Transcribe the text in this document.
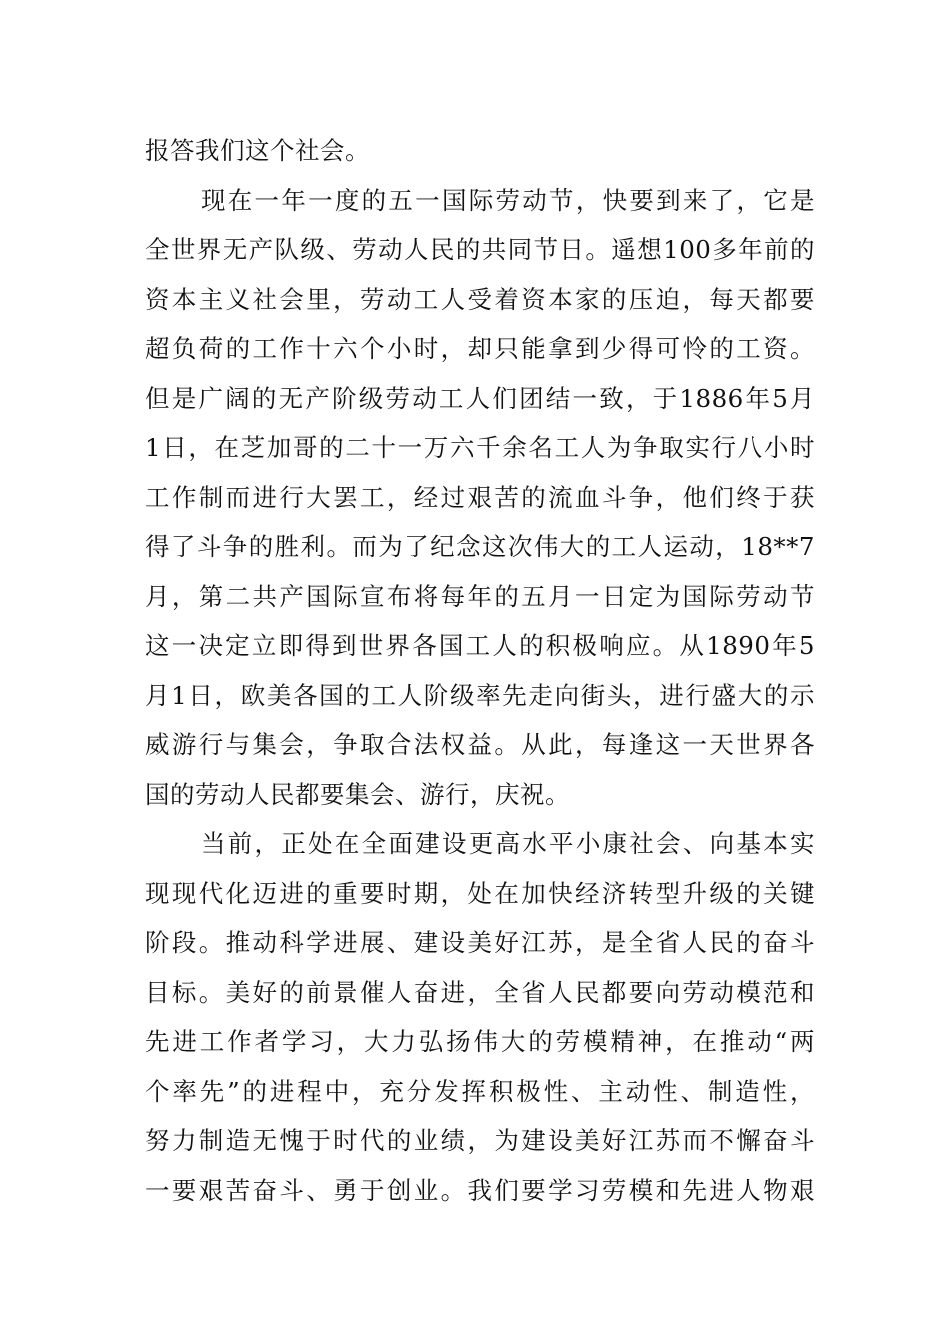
报答我们这个社会。
现在一年一度的五一国际劳动节，快要到来了，它是
全世界无产队级、劳动人民的共同节日。遥想100多年前的
资本主义社会里，劳动工人受着资本家的压迫，每天都要
超负荷的工作十六个小时，却只能拿到少得可怜的工资。
但是广阔的无产阶级劳动工人们团结一致，于1886年5月
1日，在芝加哥的二十一万六千余名工人为争取实行八小时
工作制而进行大罢工，经过艰苦的流血斗争，他们终于获
得了斗争的胜利。而为了纪念这次伟大的工人运动，18**7
月，第二共产国际宣布将每年的五月一日定为国际劳动节
这一决定立即得到世界各国工人的积极响应。从1890年5
月1日，欧美各国的工人阶级率先走向街头，进行盛大的示
威游行与集会，争取合法权益。从此，每逢这一天世界各
国的劳动人民都要集会、游行，庆祝。
当前，正处在全面建设更高水平小康社会、向基本实
现现代化迈进的重要时期，处在加快经济转型升级的关键
阶段。推动科学进展、建设美好江苏，是全省人民的奋斗
目标。美好的前景催人奋进，全省人民都要向劳动模范和
先进工作者学习，大力弘扬伟大的劳模精神，在推动“两
个率先”的进程中，充分发挥积极性、主动性、制造性，
努力制造无愧于时代的业绩，为建设美好江苏而不懈奋斗
一要艰苦奋斗、勇于创业。我们要学习劳模和先进人物艰
